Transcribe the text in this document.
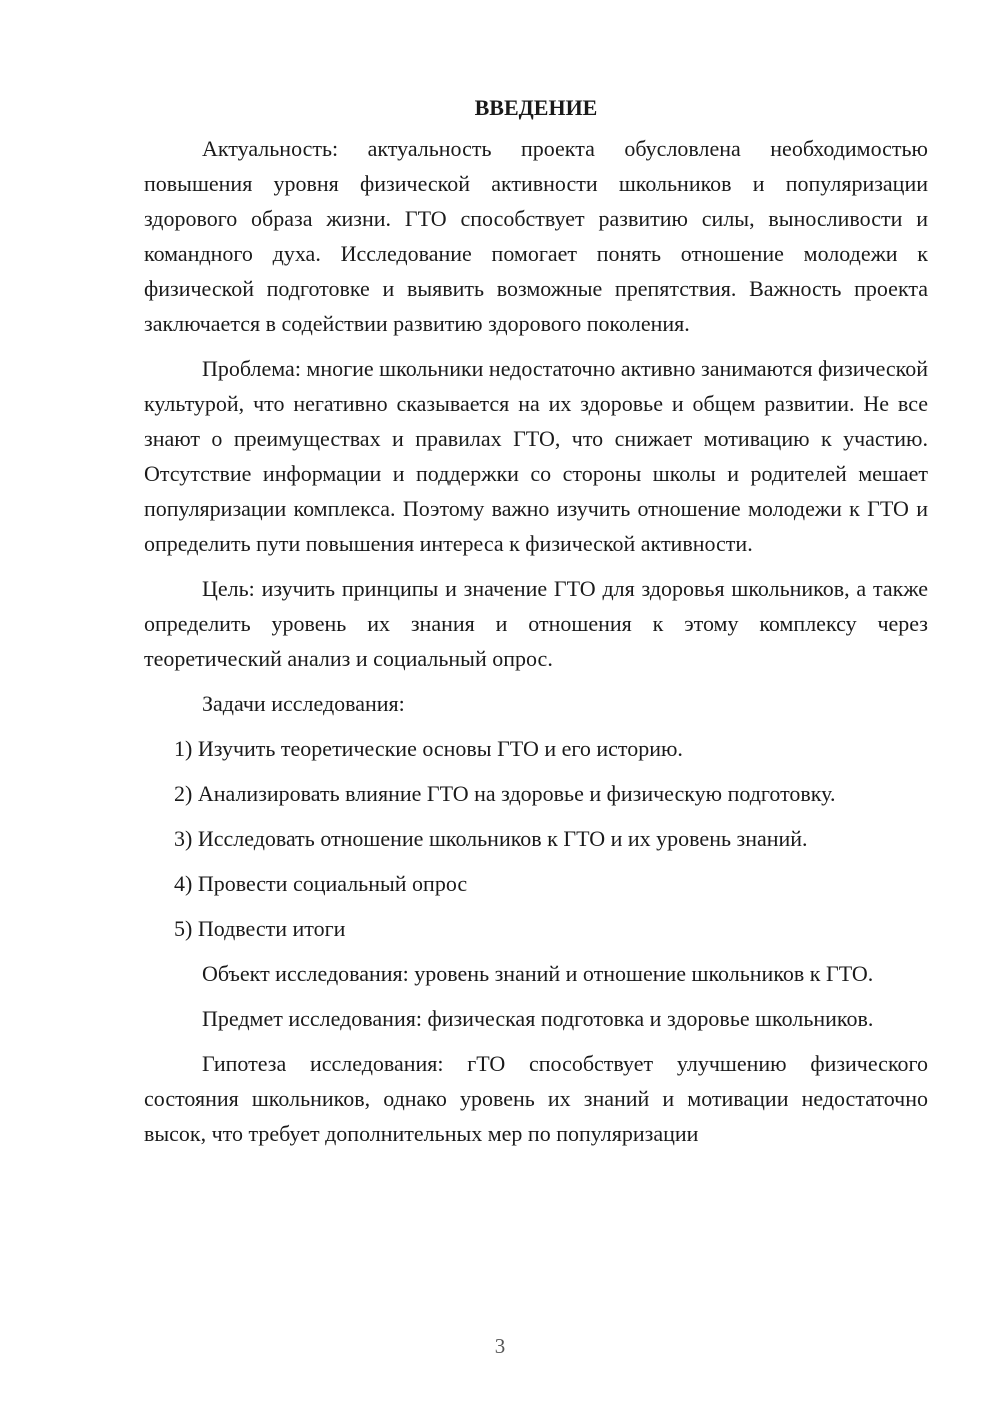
ВВЕДЕНИЕ

Актуальность: актуальность проекта обусловлена необходимостью повышения уровня физической активности школьников и популяризации здорового образа жизни. ГТО способствует развитию силы, выносливости и командного духа. Исследование помогает понять отношение молодежи к физической подготовке и выявить возможные препятствия. Важность проекта заключается в содействии развитию здорового поколения.

Проблема: многие школьники недостаточно активно занимаются физической культурой, что негативно сказывается на их здоровье и общем развитии. Не все знают о преимуществах и правилах ГТО, что снижает мотивацию к участию. Отсутствие информации и поддержки со стороны школы и родителей мешает популяризации комплекса. Поэтому важно изучить отношение молодежи к ГТО и определить пути повышения интереса к физической активности.

Цель: изучить принципы и значение ГТО для здоровья школьников, а также определить уровень их знания и отношения к этому комплексу через теоретический анализ и социальный опрос.

Задачи исследования:

1) Изучить теоретические основы ГТО и его историю.
2) Анализировать влияние ГТО на здоровье и физическую подготовку.
3) Исследовать отношение школьников к ГТО и их уровень знаний.
4) Провести социальный опрос
5) Подвести итоги

Объект исследования: уровень знаний и отношение школьников к ГТО.

Предмет исследования: физическая подготовка и здоровье школьников.

Гипотеза исследования: гТО способствует улучшению физического состояния школьников, однако уровень их знаний и мотивации недостаточно высок, что требует дополнительных мер по популяризации

3
